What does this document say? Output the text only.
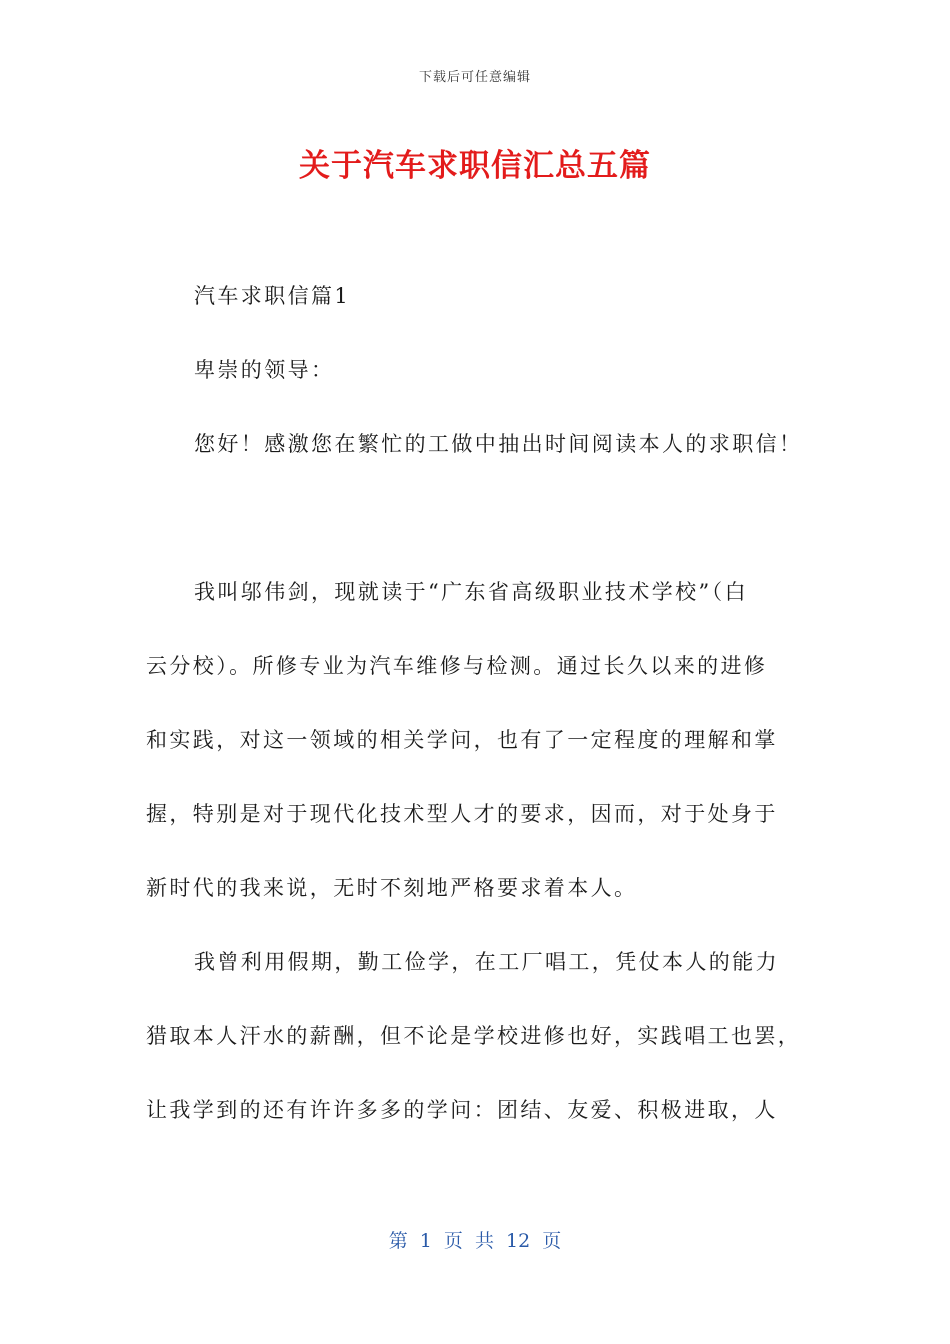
下载后可任意编辑
关于汽车求职信汇总五篇
汽车求职信篇1
卑崇的领导：
您好！感激您在繁忙的工做中抽出时间阅读本人的求职信！
我叫邬伟剑，现就读于“广东省高级职业技术学校”（白
云分校）。所修专业为汽车维修与检测。通过长久以来的进修
和实践，对这一领域的相关学问，也有了一定程度的理解和掌
握，特别是对于现代化技术型人才的要求，因而，对于处身于
新时代的我来说，无时不刻地严格要求着本人。
我曾利用假期，勤工俭学，在工厂唱工，凭仗本人的能力
猎取本人汗水的薪酬，但不论是学校进修也好，实践唱工也罢，
让我学到的还有许许多多的学问：团结、友爱、积极进取，人
第 1 页 共 12 页
